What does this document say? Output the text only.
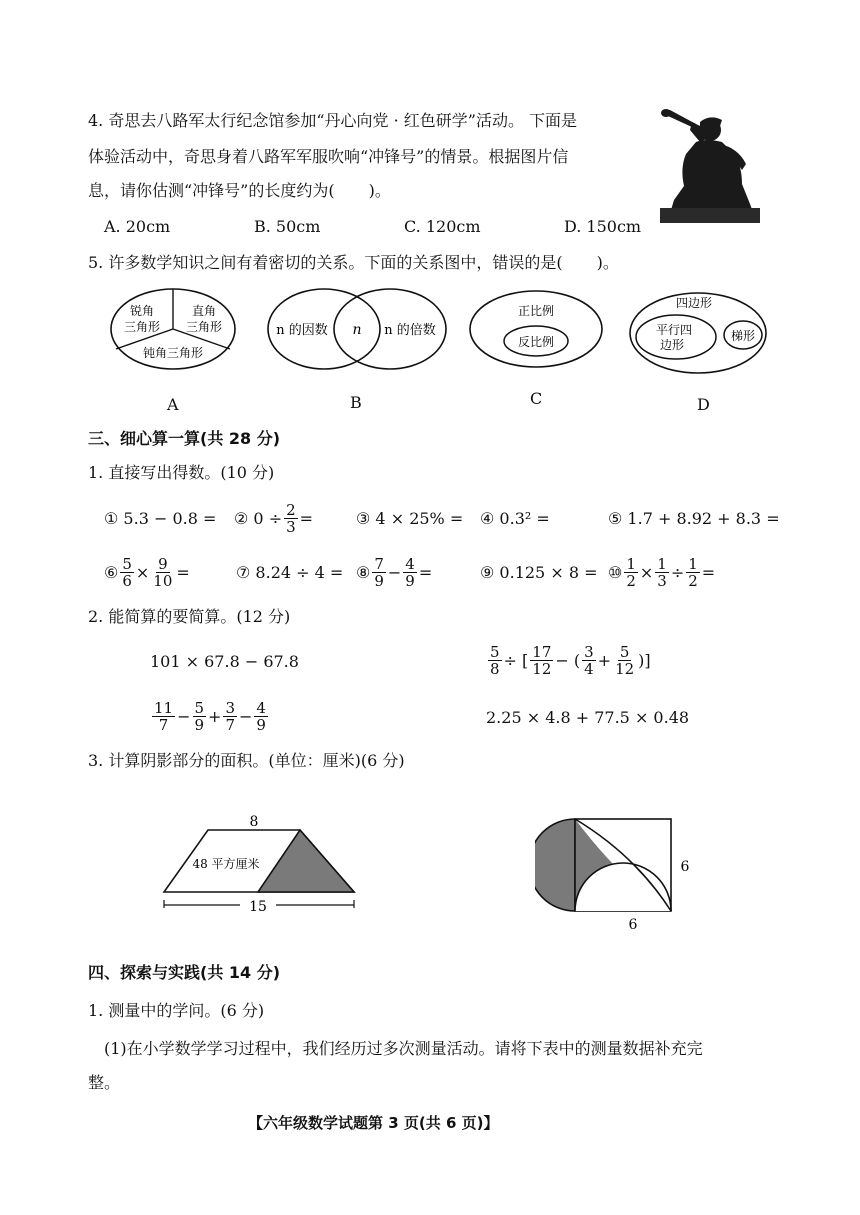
4. 奇思去八路军太行纪念馆参加“丹心向党 · 红色研学”活动。 下面是
体验活动中，奇思身着八路军军服吹响“冲锋号”的情景。根据图片信
息，请你估测“冲锋号”的长度约为( )。
A. 20cm	B. 50cm	C. 120cm	D. 150cm
5. 许多数学知识之间有着密切的关系。下面的关系图中，错误的是( )。
锐角
三角形
直角
三角形
钝角三角形
A
n 的因数 n n 的倍数
B
正比例
反比例
C
四边形
平行四
边形
梯形
D
三、细心算一算(共 28 分)
1. 直接写出得数。(10 分)
① 5.3 − 0.8 = ② $0 \div \frac{2}{3}$ =	③ 4 × 25% = ④ 0.3² =	⑤ 1.7 + 8.92 + 8.3 =
⑥ $\frac{5}{6} \times \frac{9}{10}$ =	⑦ 8.24 ÷ 4 = ⑧ $\frac{7}{9} - \frac{4}{9}$ =	⑨ 0.125 × 8 = ⑩ $\frac{1}{2} \times \frac{1}{3} \div \frac{1}{2}$ =
2. 能简算的要简算。(12 分)
101 × 67.8 − 67.8	$\frac{5}{8}$ ÷ [ $\frac{17}{12}$ − ( $\frac{3}{4} + \frac{5}{12}$ )]
$\frac{11}{7} - \frac{5}{9} + \frac{3}{7} - \frac{4}{9}$	2.25 × 4.8 + 77.5 × 0.48
3. 计算阴影部分的面积。(单位：厘米)(6 分)
8
48 平方厘米
15
6
6
四、探索与实践(共 14 分)
1. 测量中的学问。(6 分)
(1)在小学数学学习过程中，我们经历过多次测量活动。请将下表中的测量数据补充完
整。
【六年级数学试题第 3 页(共 6 页)】
